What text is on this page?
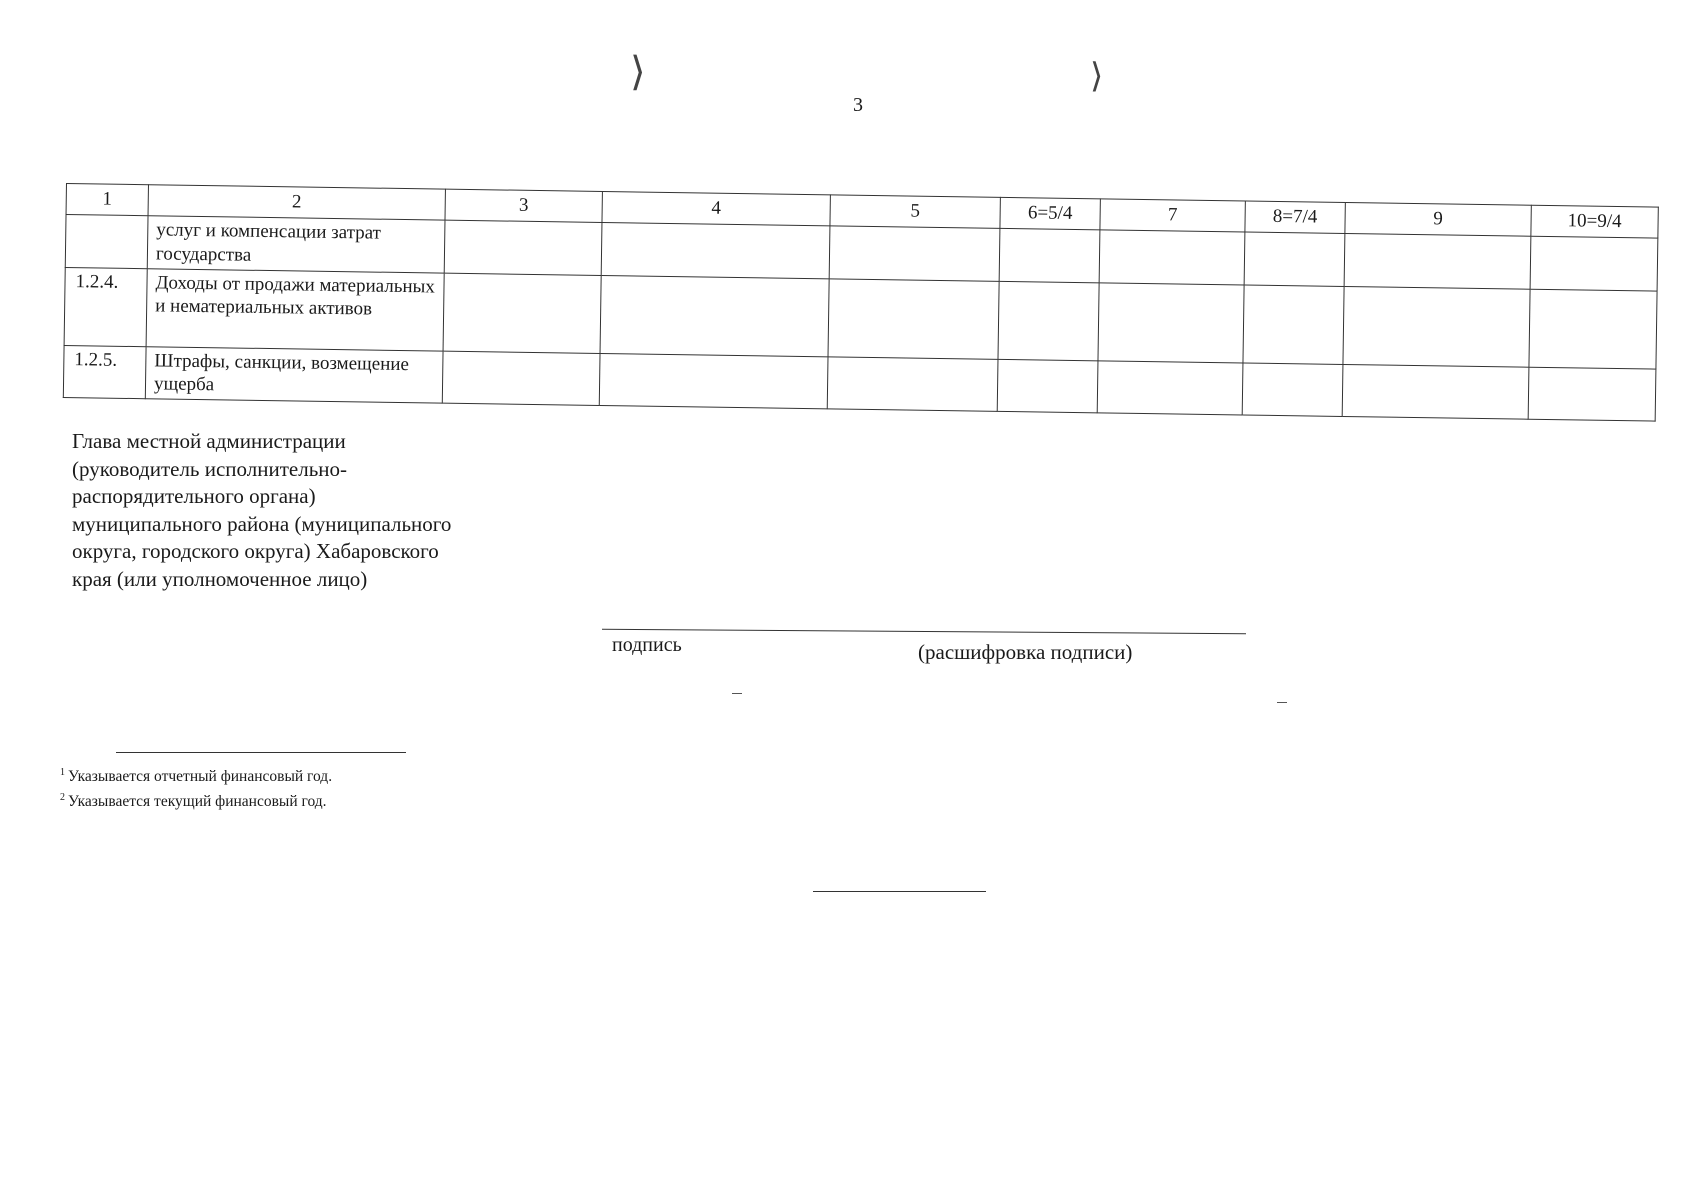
⟩	⟩
3
1	2	3	4	5	6=5/4	7	8=7/4	9	10=9/4
	услуг и компенсации затрат государства								
1.2.4.	Доходы от продажи материальных и нематериальных активов								
1.2.5.	Штрафы, санкции, возмещение ущерба								
Глава местной администрации (руководитель исполнительно-распорядительного органа) муниципального района (муниципального округа, городского округа) Хабаровского края (или уполномоченное лицо)
подпись	(расшифровка подписи)
$^1$ Указывается отчетный финансовый год.
$^2$ Указывается текущий финансовый год.
